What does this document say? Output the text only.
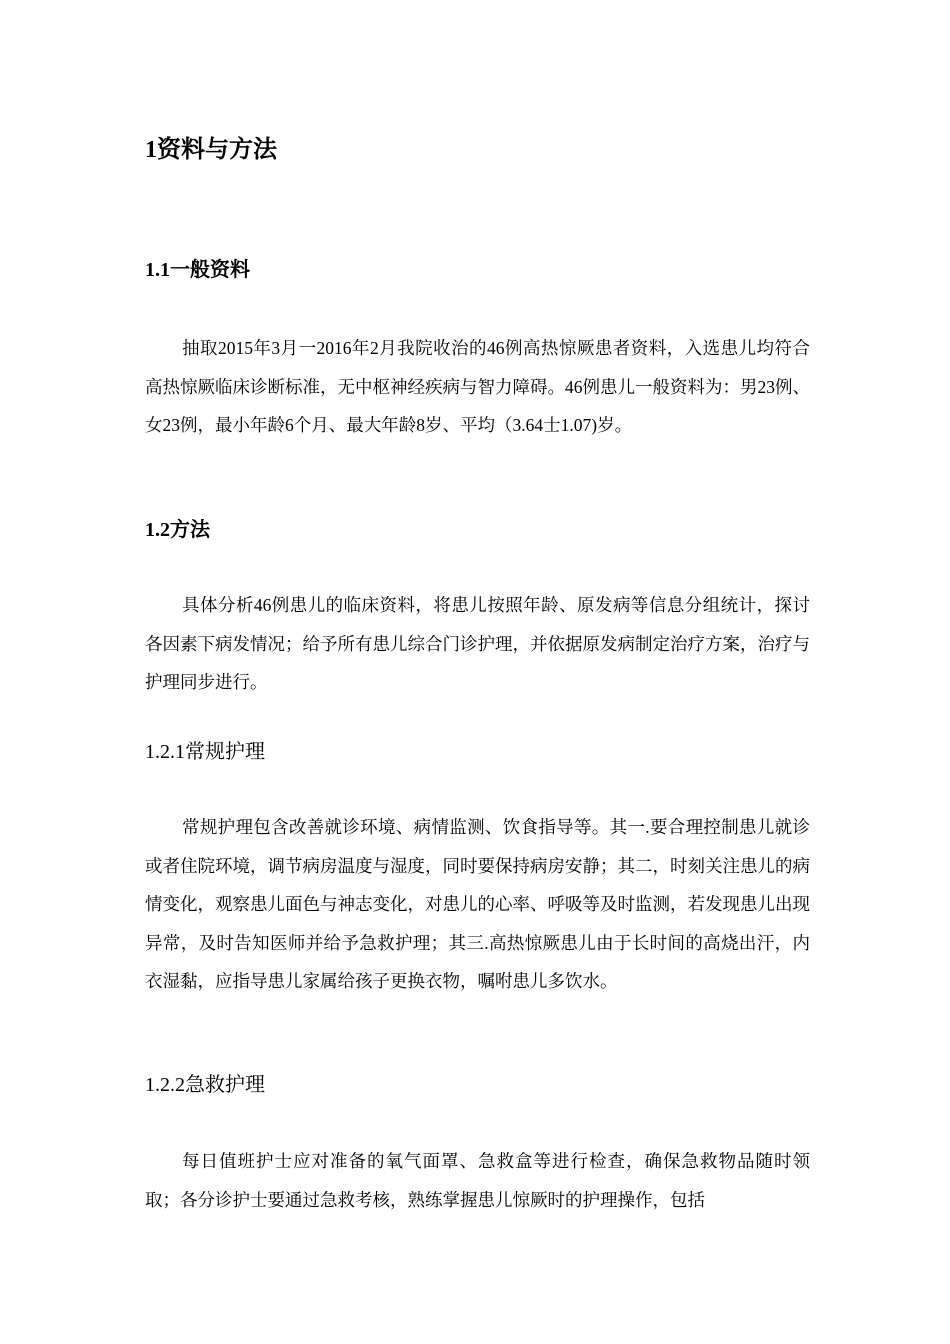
1资料与方法
1.1一般资料

抽取2015年3月一2016年2月我院收治的46例高热惊厥患者资料，入选患儿均符合高热惊厥临床诊断标准，无中枢神经疾病与智力障碍。46例患儿一般资料为：男23例、女23例，最小年龄6个月、最大年龄8岁、平均（3.64士1.07)岁。

1.2方法

具体分析46例患儿的临床资料，将患儿按照年龄、原发病等信息分组统计，探讨各因素下病发情况；给予所有患儿综合门诊护理，并依据原发病制定治疗方案，治疗与护理同步进行。

1.2.1常规护理

常规护理包含改善就诊环境、病情监测、饮食指导等。其一.要合理控制患儿就诊或者住院环境，调节病房温度与湿度，同时要保持病房安静；其二，时刻关注患儿的病情变化，观察患儿面色与神志变化，对患儿的心率、呼吸等及时监测，若发现患儿出现异常，及时告知医师并给予急救护理；其三.高热惊厥患儿由于长时间的高烧出汗，内衣湿黏，应指导患儿家属给孩子更换衣物，嘱咐患儿多饮水。

1.2.2急救护理

每日值班护士应对准备的氧气面罩、急救盒等进行检查，确保急救物品随时领取；各分诊护士要通过急救考核，熟练掌握患儿惊厥时的护理操作，包括
